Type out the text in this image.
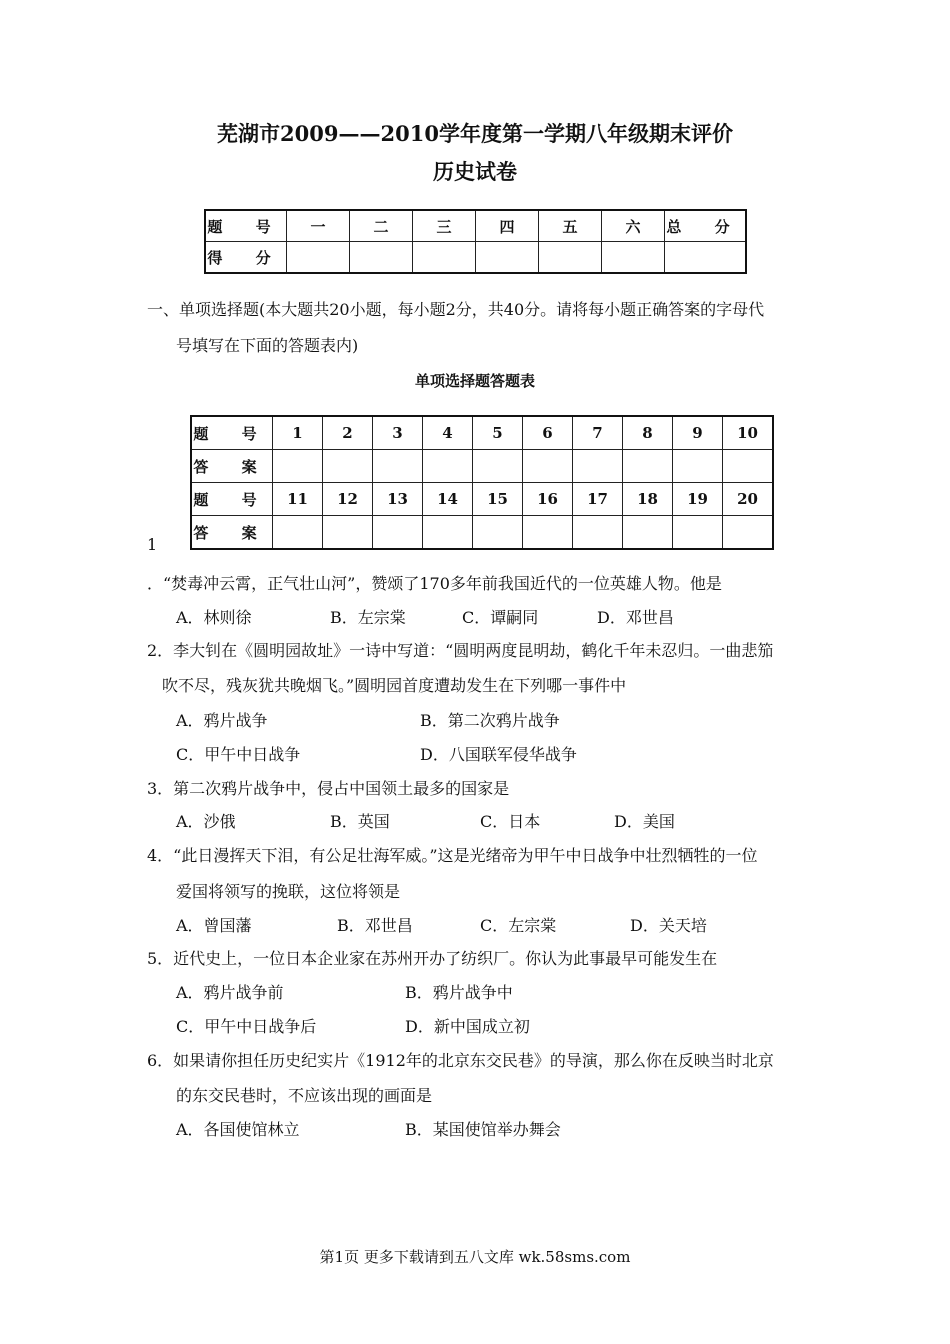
芜湖市2009——2010学年度第一学期八年级期末评价
历史试卷
题 号	一	二	三	四	五	六	总 分
得 分							
一、单项选择题(本大题共20小题，每小题2分，共40分。请将每小题正确答案的字母代
号填写在下面的答题表内)
单项选择题答题表
题 号	1	2	3	4	5	6	7	8	9	10
答 案										
题 号	11	12	13	14	15	16	17	18	19	20
答 案										
1
．“焚毒冲云霄，正气壮山河”，赞颂了170多年前我国近代的一位英雄人物。他是
A．林则徐	B．左宗棠	C．谭嗣同	D．邓世昌
2．李大钊在《圆明园故址》一诗中写道：“圆明两度昆明劫，鹤化千年未忍归。一曲悲笳
吹不尽，残灰犹共晚烟飞。”圆明园首度遭劫发生在下列哪一事件中
A．鸦片战争	B．第二次鸦片战争
C．甲午中日战争	D．八国联军侵华战争
3．第二次鸦片战争中，侵占中国领土最多的国家是
A．沙俄	B．英国	C．日本	D．美国
4．“此日漫挥天下泪，有公足壮海军威。”这是光绪帝为甲午中日战争中壮烈牺牲的一位
爱国将领写的挽联，这位将领是
A．曾国藩	B．邓世昌	C．左宗棠	D．关天培
5．近代史上，一位日本企业家在苏州开办了纺织厂。你认为此事最早可能发生在
A．鸦片战争前	B．鸦片战争中
C．甲午中日战争后	D．新中国成立初
6．如果请你担任历史纪实片《1912年的北京东交民巷》的导演，那么你在反映当时北京
的东交民巷时，不应该出现的画面是
A．各国使馆林立	B．某国使馆举办舞会
第1页 更多下载请到五八文库 wk.58sms.com
